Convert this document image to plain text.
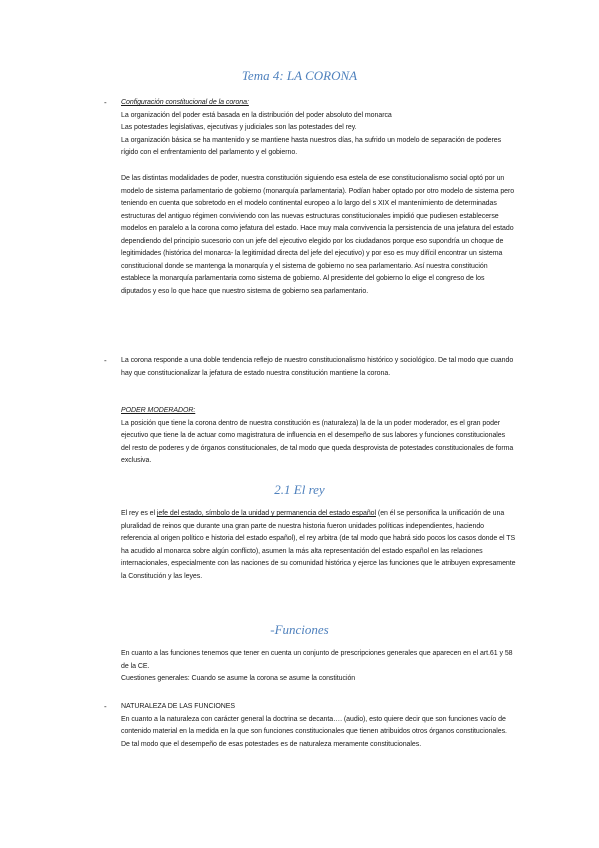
Tema 4: LA CORONA
- Configuración constitucional de la corona:

La organización del poder está basada en la distribución del poder absoluto del monarca

Las potestades legislativas, ejecutivas y judiciales son las potestades del rey.

La organización básica se ha mantenido y se mantiene hasta nuestros días, ha sufrido un modelo de separación de poderes rígido con el enfrentamiento del parlamento y el gobierno.

De las distintas modalidades de poder, nuestra constitución siguiendo esa estela de ese constitucionalismo social optó por un modelo de sistema parlamentario de gobierno (monarquía parlamentaria). Podían haber optado por otro modelo de sistema pero teniendo en cuenta que sobretodo en el modelo continental europeo a lo largo del s XIX el mantenimiento de determinadas estructuras del antiguo régimen conviviendo con las nuevas estructuras constitucionales impidió que pudiesen establecerse modelos en paralelo a la corona como jefatura del estado. Hace muy mala convivencia la persistencia de una jefatura del estado dependiendo del principio sucesorio con un jefe del ejecutivo elegido por los ciudadanos porque eso supondría un choque de legitimidades (histórica del monarca- la legitimidad directa del jefe del ejecutivo) y por eso es muy difícil encontrar un sistema constitucional donde se mantenga la monarquía y el sistema de gobierno no sea parlamentario. Así nuestra constitución establece la monarquía parlamentaria como sistema de gobierno. Al presidente del gobierno lo elige el congreso de los diputados y eso lo que hace que nuestro sistema de gobierno sea parlamentario.
- La corona responde a una doble tendencia reflejo de nuestro constitucionalismo histórico y sociológico. De tal modo que cuando hay que constitucionalizar la jefatura de estado nuestra constitución mantiene la corona.

PODER MODERADOR:

La posición que tiene la corona dentro de nuestra constitución es (naturaleza) la de la un poder moderador, es el gran poder ejecutivo que tiene la de actuar como magistratura de influencia en el desempeño de sus labores y funciones constitucionales del resto de poderes y de órganos constitucionales, de tal modo que queda desprovista de potestades constitucionales de forma exclusiva.

2.1 El rey
El rey es el jefe del estado, símbolo de la unidad y permanencia del estado español (en él se personifica la unificación de una pluralidad de reinos que durante una gran parte de nuestra historia fueron unidades políticas independientes, haciendo referencia al origen político e historia del estado español), el rey arbitra (de tal modo que habrá sido pocos los casos donde el TS ha acudido al monarca sobre algún conflicto), asumen la más alta representación del estado español en las relaciones internacionales, especialmente con las naciones de su comunidad histórica y ejerce las funciones que le atribuyen expresamente la Constitución y las leyes.
-Funciones

En cuanto a las funciones tenemos que tener en cuenta un conjunto de prescripciones generales que aparecen en el art.61 y 58 de la CE.

Cuestiones generales: Cuando se asume la corona se asume la constitución

- NATURALEZA DE LAS FUNCIONES

En cuanto a la naturaleza con carácter general la doctrina se decanta…. (audio), esto quiere decir que son funciones vacío de contenido material en la medida en la que son funciones constitucionales que tienen atribuidos otros órganos constitucionales. De tal modo que el desempeño de esas potestades es de naturaleza meramente constitucionales.
